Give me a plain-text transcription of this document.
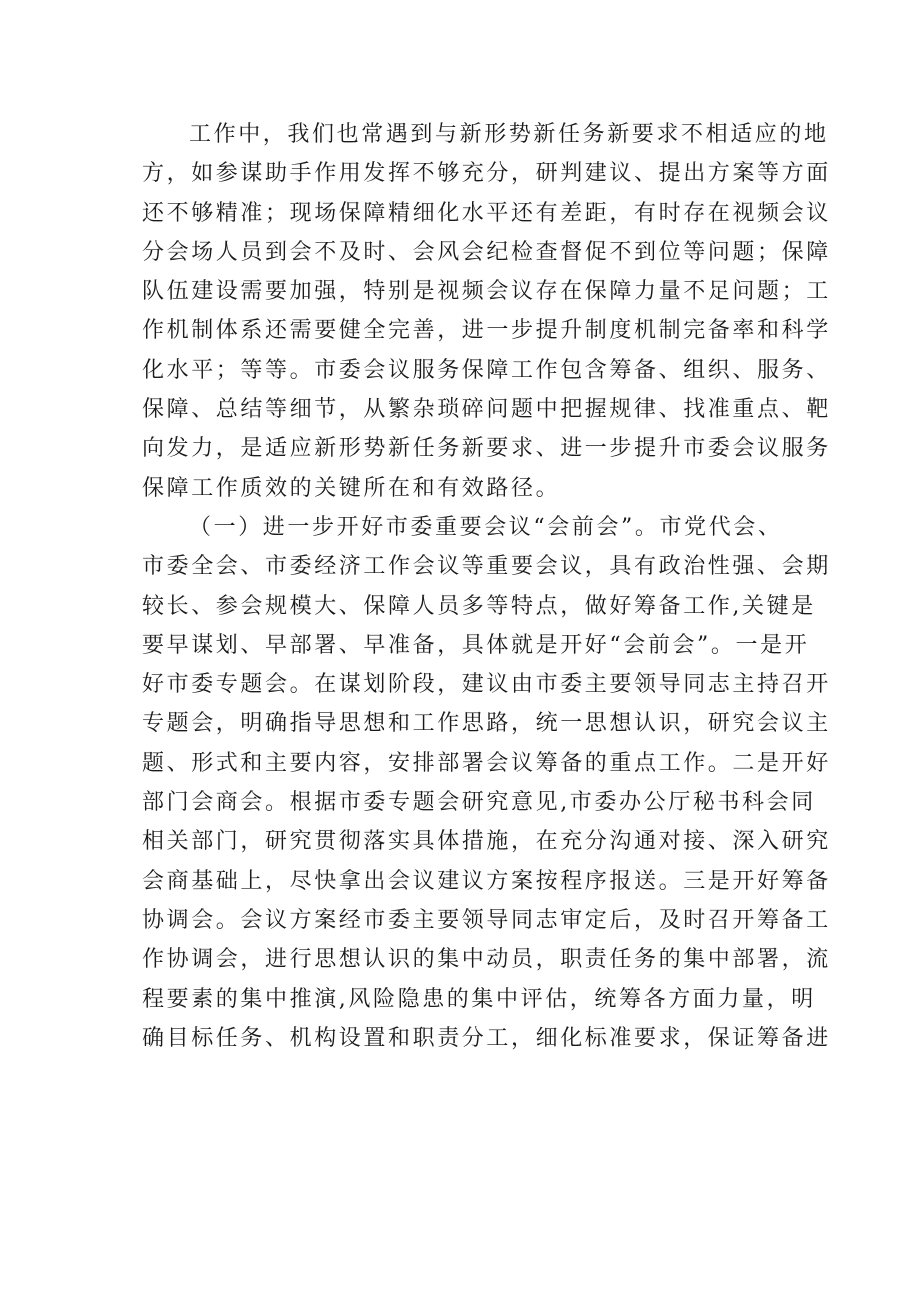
工作中，我们也常遇到与新形势新任务新要求不相适应的地
方，如参谋助手作用发挥不够充分，研判建议、提出方案等方面
还不够精准；现场保障精细化水平还有差距，有时存在视频会议
分会场人员到会不及时、会风会纪检查督促不到位等问题；保障
队伍建设需要加强，特别是视频会议存在保障力量不足问题；工
作机制体系还需要健全完善，进一步提升制度机制完备率和科学
化水平；等等。市委会议服务保障工作包含筹备、组织、服务、
保障、总结等细节，从繁杂琐碎问题中把握规律、找准重点、靶
向发力，是适应新形势新任务新要求、进一步提升市委会议服务
保障工作质效的关键所在和有效路径。
（一）进一步开好市委重要会议“会前会”。市党代会、
市委全会、市委经济工作会议等重要会议，具有政治性强、会期
较长、参会规模大、保障人员多等特点，做好筹备工作,关键是
要早谋划、早部署、早准备，具体就是开好“会前会”。一是开
好市委专题会。在谋划阶段，建议由市委主要领导同志主持召开
专题会，明确指导思想和工作思路，统一思想认识，研究会议主
题、形式和主要内容，安排部署会议筹备的重点工作。二是开好
部门会商会。根据市委专题会研究意见,市委办公厅秘书科会同
相关部门，研究贯彻落实具体措施，在充分沟通对接、深入研究
会商基础上，尽快拿出会议建议方案按程序报送。三是开好筹备
协调会。会议方案经市委主要领导同志审定后，及时召开筹备工
作协调会，进行思想认识的集中动员，职责任务的集中部署，流
程要素的集中推演,风险隐患的集中评估，统筹各方面力量，明
确目标任务、机构设置和职责分工，细化标准要求，保证筹备进
